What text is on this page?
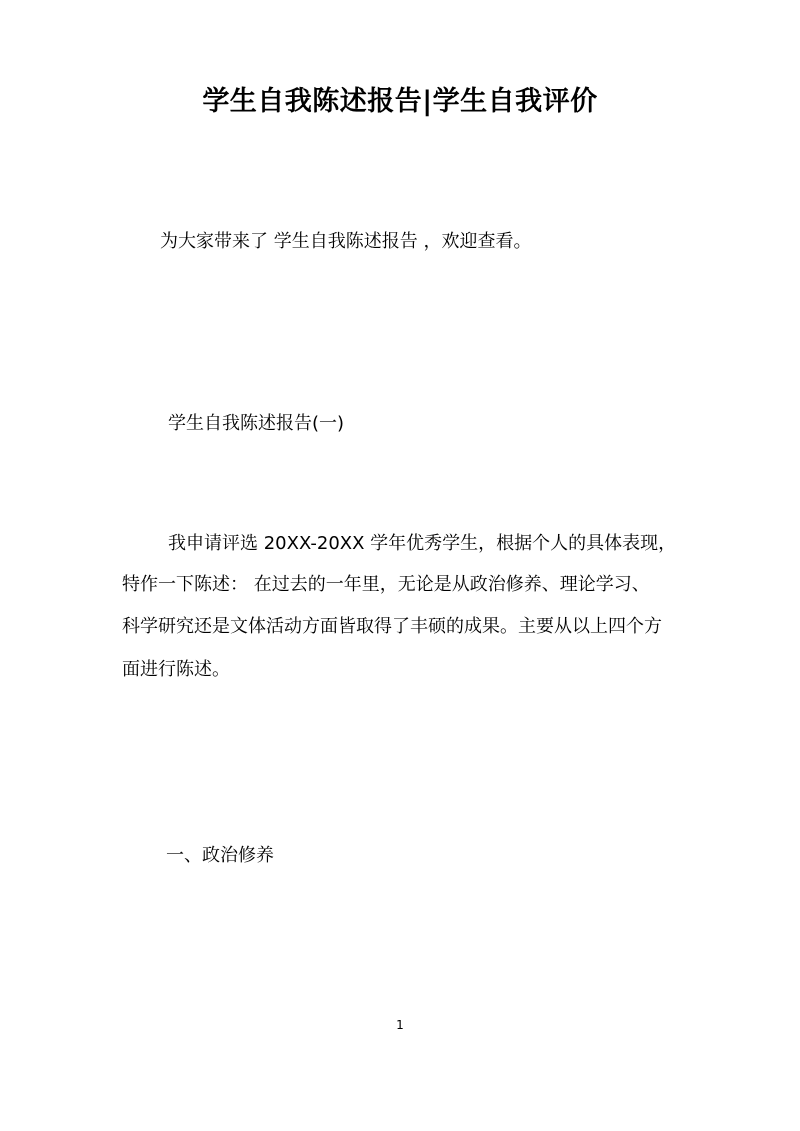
学生自我陈述报告|学生自我评价
为大家带来了 学生自我陈述报告 ，欢迎查看。
学生自我陈述报告(一)
我申请评选 20XX-20XX 学年优秀学生，根据个人的具体表现，
特作一下陈述： 在过去的一年里，无论是从政治修养、理论学习、
科学研究还是文体活动方面皆取得了丰硕的成果。主要从以上四个方
面进行陈述。
一、政治修养
1
